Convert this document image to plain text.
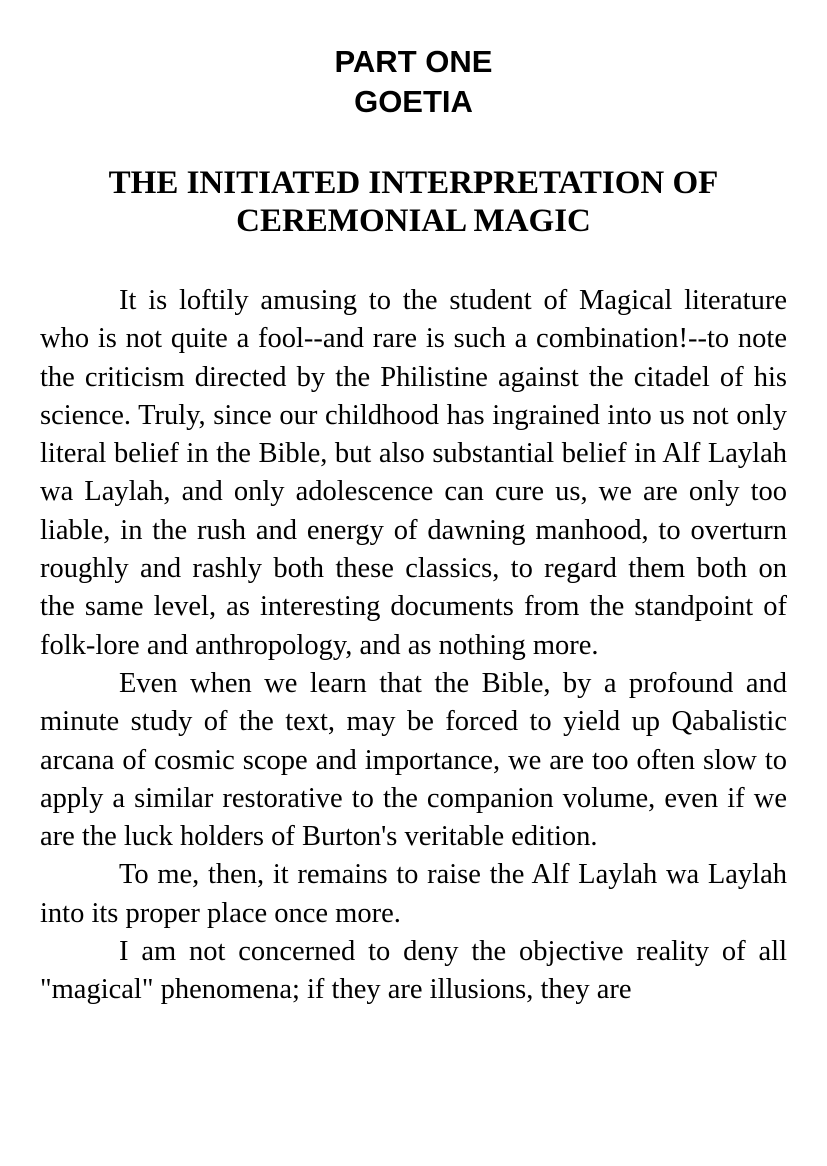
PART ONE
GOETIA
THE INITIATED INTERPRETATION OF
CEREMONIAL MAGIC

It is loftily amusing to the student of Magical literature who is not quite a fool--and rare is such a combination!--to note the criticism directed by the Philistine against the citadel of his science. Truly, since our childhood has ingrained into us not only literal belief in the Bible, but also substantial belief in Alf Laylah wa Laylah, and only adolescence can cure us, we are only too liable, in the rush and energy of dawning manhood, to overturn roughly and rashly both these classics, to regard them both on the same level, as interesting documents from the standpoint of folk-lore and anthropology, and as nothing more.

Even when we learn that the Bible, by a profound and minute study of the text, may be forced to yield up Qabalistic arcana of cosmic scope and importance, we are too often slow to apply a similar restorative to the companion volume, even if we are the luck holders of Burton's veritable edition.

To me, then, it remains to raise the Alf Laylah wa Laylah into its proper place once more.

I am not concerned to deny the objective reality of all "magical" phenomena; if they are illusions, they are
